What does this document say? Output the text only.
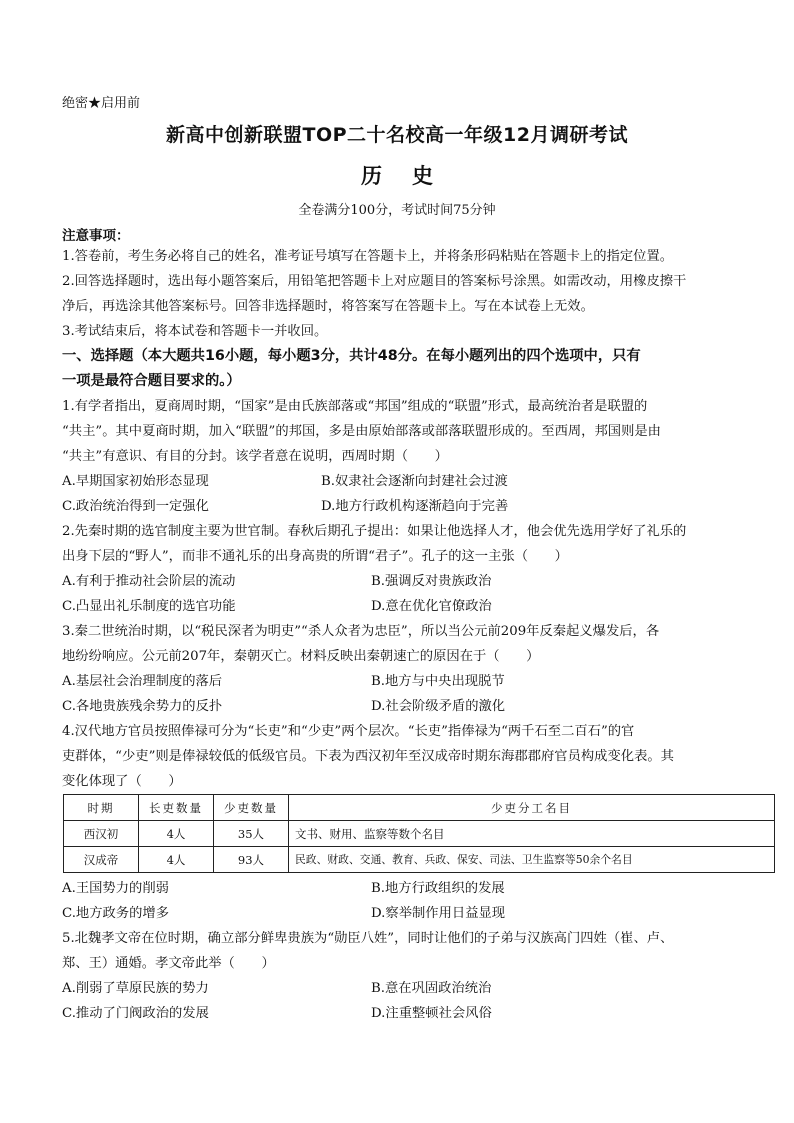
绝密★启用前
新高中创新联盟TOP二十名校高一年级12月调研考试
历史
全卷满分100分，考试时间75分钟
注意事项：
1.答卷前，考生务必将自己的姓名，准考证号填写在答题卡上，并将条形码粘贴在答题卡上的指定位置。
2.回答选择题时，选出每小题答案后，用铅笔把答题卡上对应题目的答案标号涂黑。如需改动，用橡皮擦干
净后，再选涂其他答案标号。回答非选择题时，将答案写在答题卡上。写在本试卷上无效。
3.考试结束后，将本试卷和答题卡一并收回。
一、选择题（本大题共16小题，每小题3分，共计48分。在每小题列出的四个选项中，只有
一项是最符合题目要求的。）
1.有学者指出，夏商周时期，“国家”是由氏族部落或“邦国”组成的“联盟”形式，最高统治者是联盟的
“共主”。其中夏商时期，加入“联盟”的邦国，多是由原始部落或部落联盟形成的。至西周，邦国则是由
“共主”有意识、有目的分封。该学者意在说明，西周时期（　　）
A.早期国家初始形态显现	B.奴隶社会逐渐向封建社会过渡
C.政治统治得到一定强化	D.地方行政机构逐渐趋向于完善
2.先秦时期的选官制度主要为世官制。春秋后期孔子提出：如果让他选择人才，他会优先选用学好了礼乐的
出身下层的“野人”，而非不通礼乐的出身高贵的所谓“君子”。孔子的这一主张（　　）
A.有利于推动社会阶层的流动	B.强调反对贵族政治
C.凸显出礼乐制度的选官功能	D.意在优化官僚政治
3.秦二世统治时期，以“税民深者为明吏”“杀人众者为忠臣”，所以当公元前209年反秦起义爆发后，各
地纷纷响应。公元前207年，秦朝灭亡。材料反映出秦朝速亡的原因在于（　　）
A.基层社会治理制度的落后	B.地方与中央出现脱节
C.各地贵族残余势力的反扑	D.社会阶级矛盾的激化
4.汉代地方官员按照俸禄可分为“长吏”和“少吏”两个层次。“长吏”指俸禄为“两千石至二百石”的官
吏群体，“少吏”则是俸禄较低的低级官员。下表为西汉初年至汉成帝时期东海郡郡府官员构成变化表。其
变化体现了（　　）
时期	长吏数量	少吏数量	少吏分工名目
西汉初	4人	35人	文书、财用、监察等数个名目
汉成帝	4人	93人	民政、财政、交通、教育、兵政、保安、司法、卫生监察等50余个名目
A.王国势力的削弱	B.地方行政组织的发展
C.地方政务的增多	D.察举制作用日益显现
5.北魏孝文帝在位时期，确立部分鲜卑贵族为“勋臣八姓”，同时让他们的子弟与汉族高门四姓（崔、卢、
郑、王）通婚。孝文帝此举（　　）
A.削弱了草原民族的势力	B.意在巩固政治统治
C.推动了门阀政治的发展	D.注重整顿社会风俗
